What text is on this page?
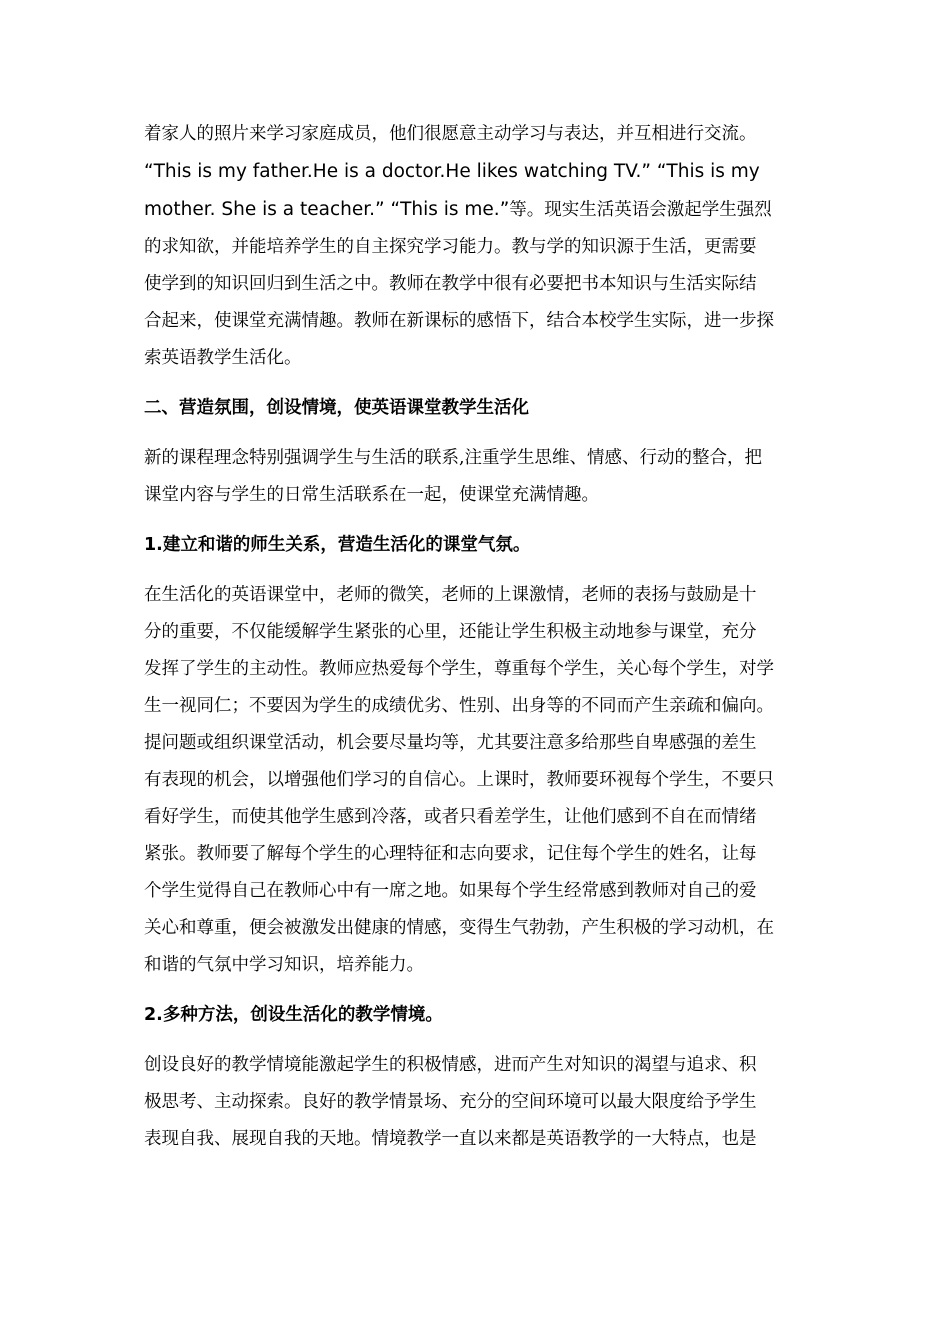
着家人的照片来学习家庭成员，他们很愿意主动学习与表达，并互相进行交流。
“This is my father.He is a doctor.He likes watching TV.” “This is my
mother. She is a teacher.” “This is me.”等。现实生活英语会激起学生强烈
的求知欲，并能培养学生的自主探究学习能力。教与学的知识源于生活，更需要
使学到的知识回归到生活之中。教师在教学中很有必要把书本知识与生活实际结
合起来，使课堂充满情趣。教师在新课标的感悟下，结合本校学生实际，进一步探
索英语教学生活化。

二、营造氛围，创设情境，使英语课堂教学生活化

新的课程理念特别强调学生与生活的联系,注重学生思维、情感、行动的整合，把
课堂内容与学生的日常生活联系在一起，使课堂充满情趣。

1.建立和谐的师生关系，营造生活化的课堂气氛。

在生活化的英语课堂中，老师的微笑，老师的上课激情，老师的表扬与鼓励是十
分的重要，不仅能缓解学生紧张的心里，还能让学生积极主动地参与课堂，充分
发挥了学生的主动性。教师应热爱每个学生，尊重每个学生，关心每个学生，对学
生一视同仁；不要因为学生的成绩优劣、性别、出身等的不同而产生亲疏和偏向。
提问题或组织课堂活动，机会要尽量均等，尤其要注意多给那些自卑感强的差生
有表现的机会，以增强他们学习的自信心。上课时，教师要环视每个学生，不要只
看好学生，而使其他学生感到冷落，或者只看差学生，让他们感到不自在而情绪
紧张。教师要了解每个学生的心理特征和志向要求，记住每个学生的姓名，让每
个学生觉得自己在教师心中有一席之地。如果每个学生经常感到教师对自己的爱
关心和尊重，便会被激发出健康的情感，变得生气勃勃，产生积极的学习动机，在
和谐的气氛中学习知识，培养能力。

2.多种方法，创设生活化的教学情境。

创设良好的教学情境能激起学生的积极情感，进而产生对知识的渴望与追求、积
极思考、主动探索。良好的教学情景场、充分的空间环境可以最大限度给予学生
表现自我、展现自我的天地。情境教学一直以来都是英语教学的一大特点，也是
